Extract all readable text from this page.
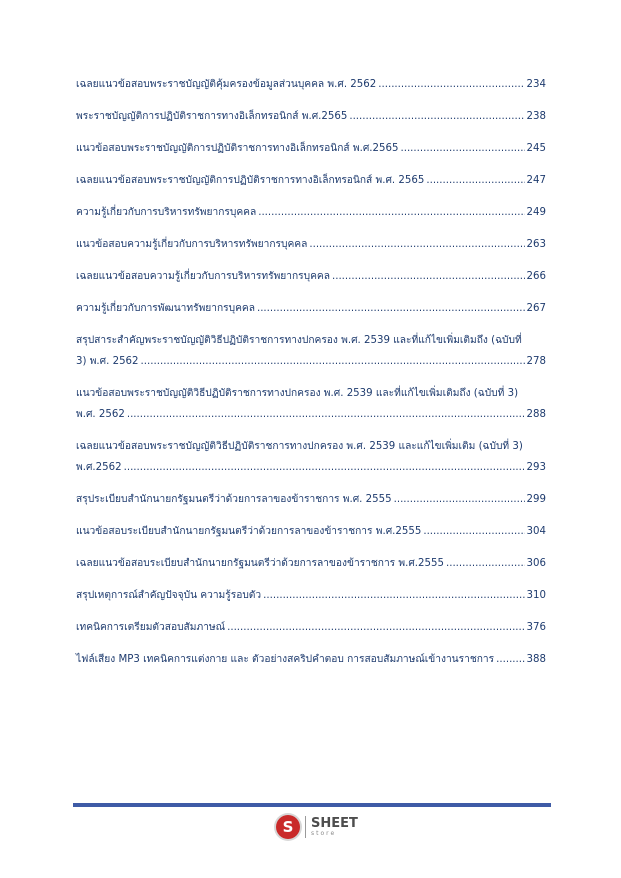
เฉลยแนวข้อสอบพระราชบัญญัติคุ้มครองข้อมูลส่วนบุคคล พ.ศ. 2562 .....	234
พระราชบัญญัติการปฏิบัติราชการทางอิเล็กทรอนิกส์ พ.ศ.2565 .....	238
แนวข้อสอบพระราชบัญญัติการปฏิบัติราชการทางอิเล็กทรอนิกส์ พ.ศ.2565 .....	245
เฉลยแนวข้อสอบพระราชบัญญัติการปฏิบัติราชการทางอิเล็กทรอนิกส์ พ.ศ. 2565 .....	247
ความรู้เกี่ยวกับการบริหารทรัพยากรบุคคล .....	249
แนวข้อสอบความรู้เกี่ยวกับการบริหารทรัพยากรบุคคล .....	263
เฉลยแนวข้อสอบความรู้เกี่ยวกับการบริหารทรัพยากรบุคคล .....	266
ความรู้เกี่ยวกับการพัฒนาทรัพยากรบุคคล .....	267
สรุปสาระสำคัญพระราชบัญญัติวิธีปฏิบัติราชการทางปกครอง พ.ศ. 2539 และที่แก้ไขเพิ่มเติมถึง (ฉบับที่
3) พ.ศ. 2562 .....	278
แนวข้อสอบพระราชบัญญัติวิธีปฏิบัติราชการทางปกครอง พ.ศ. 2539 และที่แก้ไขเพิ่มเติมถึง (ฉบับที่ 3)
พ.ศ. 2562 .....	288
เฉลยแนวข้อสอบพระราชบัญญัติวิธีปฏิบัติราชการทางปกครอง พ.ศ. 2539 และแก้ไขเพิ่มเติม (ฉบับที่ 3)
พ.ศ.2562 .....	293
สรุประเบียบสำนักนายกรัฐมนตรีว่าด้วยการลาของข้าราชการ พ.ศ. 2555 .....	299
แนวข้อสอบระเบียบสำนักนายกรัฐมนตรีว่าด้วยการลาของข้าราชการ พ.ศ.2555 .....	304
เฉลยแนวข้อสอบระเบียบสำนักนายกรัฐมนตรีว่าด้วยการลาของข้าราชการ พ.ศ.2555 .....	306
สรุปเหตุการณ์สำคัญปัจจุบัน ความรู้รอบตัว .....	310
เทคนิคการเตรียมตัวสอบสัมภาษณ์ .....	376
ไฟล์เสียง MP3 เทคนิคการแต่งกาย และ ตัวอย่างสคริปคำตอบ การสอบสัมภาษณ์เข้างานราชการ .....	388
S	SHEET
store
